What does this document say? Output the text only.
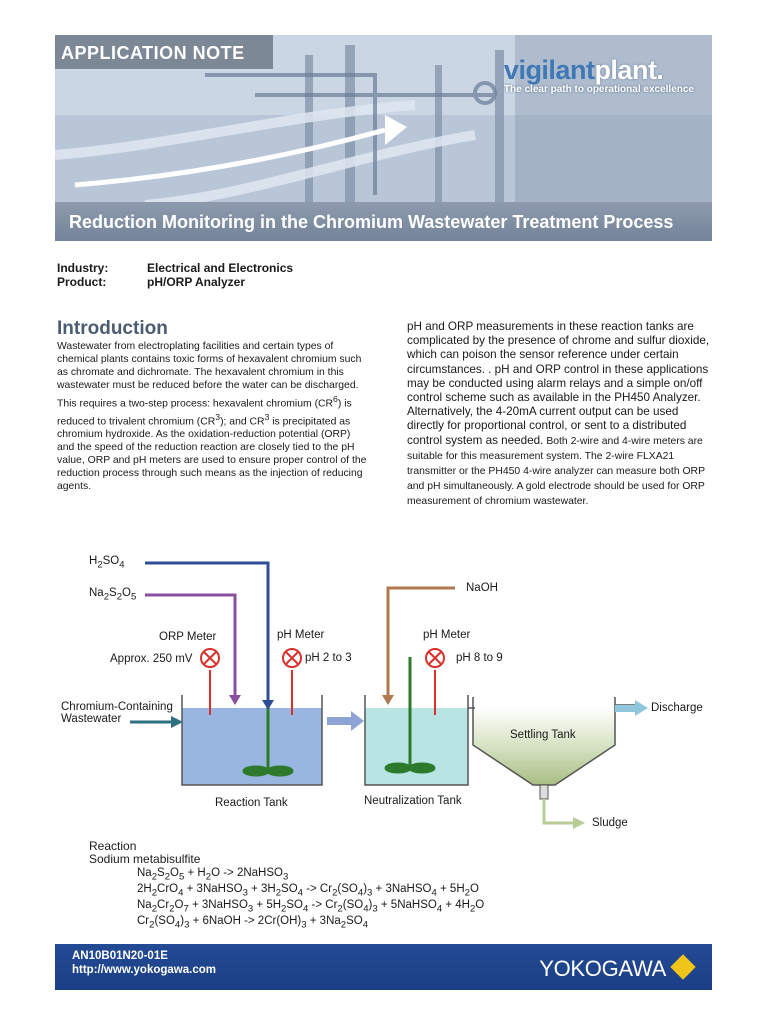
APPLICATION NOTE
vigilantplant.
The clear path to operational excellence
Reduction Monitoring in the Chromium Wastewater Treatment Process
Industry:	Electrical and Electronics
Product:	pH/ORP Analyzer
Introduction
Wastewater from electroplating facilities and certain types of chemical plants contains toxic forms of hexavalent chromium such as chromate and dichromate. The hexavalent chromium in this wastewater must be reduced before the water can be discharged. This requires a two-step process: hexavalent chromium $(CR^6)$ is reduced to trivalent chromium $(CR^3)$; and $CR^3$ is precipitated as chromium hydroxide. As the oxidation-reduction potential (ORP) and the speed of the reduction reaction are closely tied to the pH value, ORP and pH meters are used to ensure proper control of the reduction process through such means as the injection of reducing agents.
pH and ORP measurements in these reaction tanks are complicated by the presence of chrome and sulfur dioxide, which can poison the sensor reference under certain circumstances. . pH and ORP control in these applications may be conducted using alarm relays and a simple on/off control scheme such as available in the PH450 Analyzer. Alternatively, the 4-20mA current output can be used directly for proportional control, or sent to a distributed control system as needed. Both 2-wire and 4-wire meters are suitable for this measurement system. The 2-wire FLXA21 transmitter or the PH450 4-wire analyzer can measure both ORP and pH simultaneously. A gold electrode should be used for ORP measurement of chromium wastewater.
$H_2SO_4$
$Na_2S_2O_5$
ORP Meter
Approx. 250 mV
pH Meter
pH 2 to 3
NaOH
pH Meter
pH 8 to 9
Chromium-Containing
Wastewater
Discharge
Settling Tank
Reaction Tank	Neutralization Tank
Sludge
Reaction
Sodium metabisulfite
$Na_2S_2O_5 + H_2O$ -> 2NaHSO$_3$
$2H_2CrO_4$ + 3NaHSO$_3$ + $3H_2SO_4 -> Cr_2(SO_4)_3$ + 3NaHSO$_4$ + $5H_2O$
$Na_2Cr_2O_7$ + 3NaHSO$_3$ + $5H_2SO_4 -> Cr_2(SO_4)_3$ + 5NaHSO$_4$ + $4H_2O$
$Cr_2(SO_4)_3$ + 6NaOH -> $2Cr(OH)_3 + 3Na_2SO_4$
AN10B01N20-01E
http://www.yokogawa.com	YOKOGAWA
